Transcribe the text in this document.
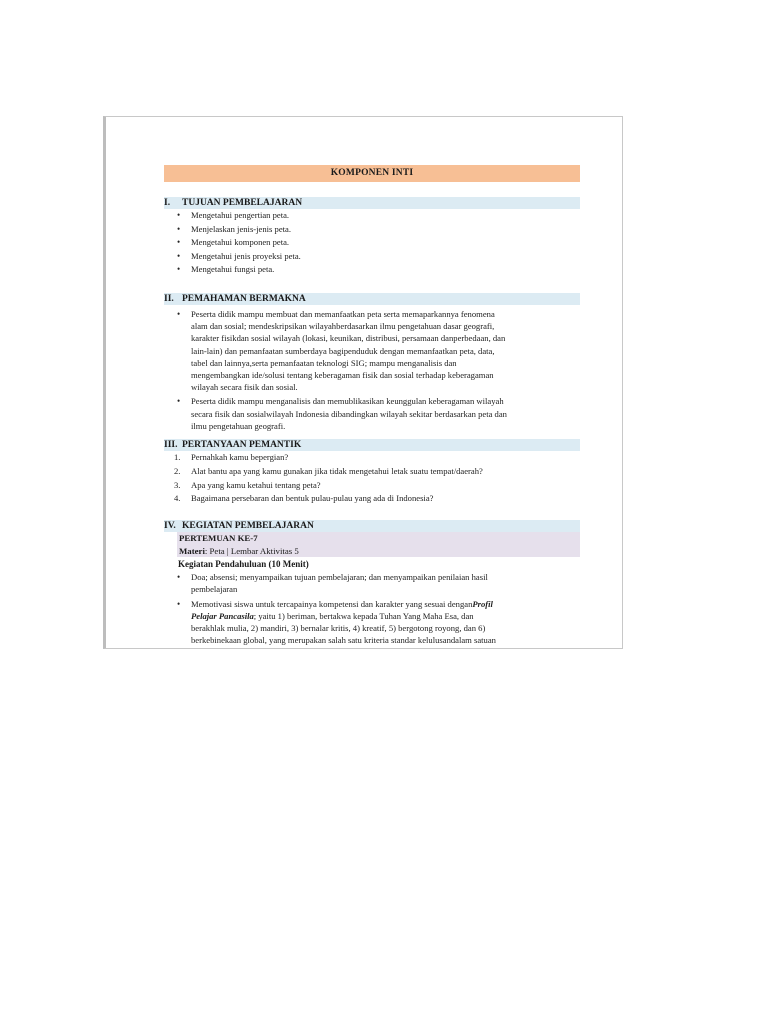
KOMPONEN INTI
I.	TUJUAN PEMBELAJARAN
• Mengetahui pengertian peta.
• Menjelaskan jenis-jenis peta.
• Mengetahui komponen peta.
• Mengetahui jenis proyeksi peta.
• Mengetahui fungsi peta.
II. PEMAHAMAN BERMAKNA
• Peserta didik mampu membuat dan memanfaatkan peta serta memaparkannya fenomena
alam dan sosial; mendeskripsikan wilayahberdasarkan ilmu pengetahuan dasar geografi,
karakter fisikdan sosial wilayah (lokasi, keunikan, distribusi, persamaan danperbedaan, dan
lain-lain) dan pemanfaatan sumberdaya bagipenduduk dengan memanfaatkan peta, data,
tabel dan lainnya,serta pemanfaatan teknologi SIG; mampu menganalisis dan
mengembangkan ide/solusi tentang keberagaman fisik dan sosial terhadap keberagaman
wilayah secara fisik dan sosial.
• Peserta didik mampu menganalisis dan memublikasikan keunggulan keberagaman wilayah
secara fisik dan sosialwilayah Indonesia dibandingkan wilayah sekitar berdasarkan peta dan
ilmu pengetahuan geografi.
III. PERTANYAAN PEMANTIK
1. Pernahkah kamu bepergian?
2. Alat bantu apa yang kamu gunakan jika tidak mengetahui letak suatu tempat/daerah?
3. Apa yang kamu ketahui tentang peta?
4. Bagaimana persebaran dan bentuk pulau-pulau yang ada di Indonesia?
IV. KEGIATAN PEMBELAJARAN
PERTEMUAN KE-7
Materi: Peta | Lembar Aktivitas 5
Kegiatan Pendahuluan (10 Menit)
• Doa; absensi; menyampaikan tujuan pembelajaran; dan menyampaikan penilaian hasil
pembelajaran
• Memotivasi siswa untuk tercapainya kompetensi dan karakter yang sesuai denganProfil
Pelajar Pancasila; yaitu 1) beriman, bertakwa kepada Tuhan Yang Maha Esa, dan
berakhlak mulia, 2) mandiri, 3) bernalar kritis, 4) kreatif, 5) bergotong royong, dan 6)
berkebinekaan global, yang merupakan salah satu kriteria standar kelulusandalam satuan
